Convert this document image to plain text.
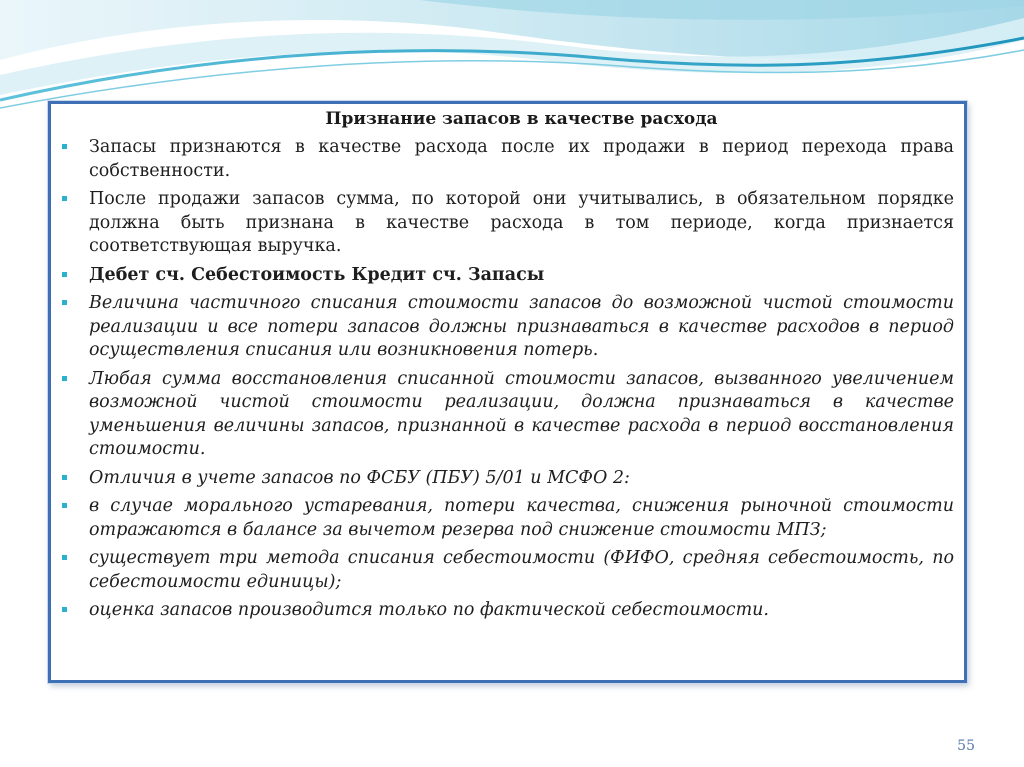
Признание запасов в качестве расхода
Запасы признаются в качестве расхода после их продажи в период перехода права собственности.
После продажи запасов сумма, по которой они учитывались, в обязательном порядке должна быть признана в качестве расхода в том периоде, когда признается соответствующая выручка.
Дебет сч. Себестоимость Кредит сч. Запасы
Величина частичного списания стоимости запасов до возможной чистой стоимости реализации и все потери запасов должны признаваться в качестве расходов в период осуществления списания или возникновения потерь.
Любая сумма восстановления списанной стоимости запасов, вызванного увеличением возможной чистой стоимости реализации, должна признаваться в качестве уменьшения величины запасов, признанной в качестве расхода в период восстановления стоимости.
Отличия в учете запасов по ФСБУ (ПБУ) 5/01 и МСФО 2:
в случае морального устаревания, потери качества, снижения рыночной стоимости отражаются в балансе за вычетом резерва под снижение стоимости МПЗ;
существует три метода списания себестоимости (ФИФО, средняя себестоимость, по себестоимости единицы);
оценка запасов производится только по фактической себестоимости.
55
